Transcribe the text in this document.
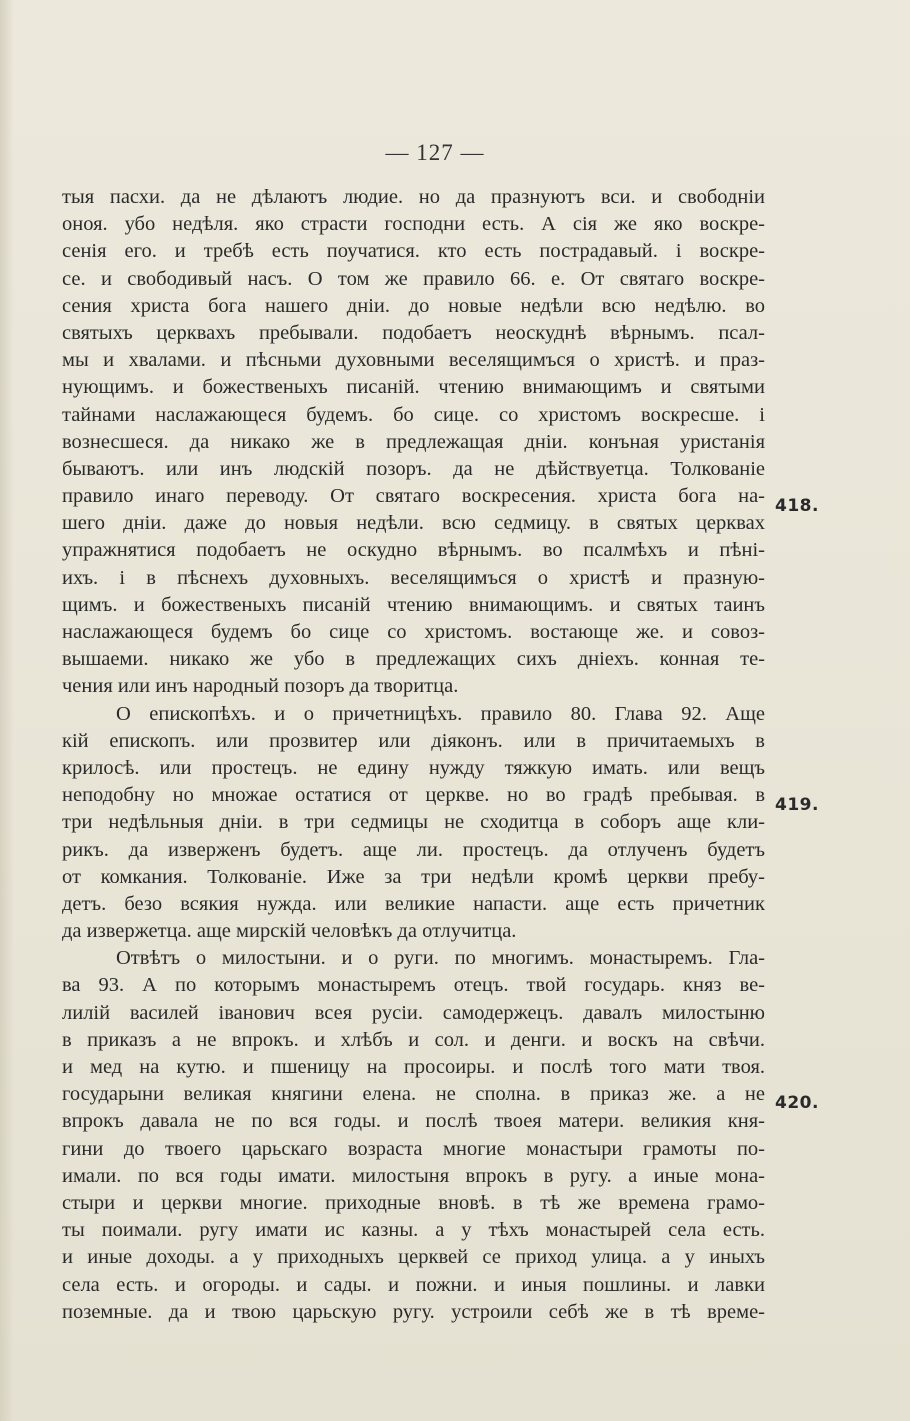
— 127 —
тыя пасхи. да не дѣлаютъ людие. но да празнуютъ вси. и свободніи
оноя. убо недѣля. яко страсти господни есть. А сія же яко воскре-
сенія его. и требѣ есть поучатися. кто есть пострадавый. і воскре-
се. и свободивый насъ. О том же правило 66. е. От святаго воскре-
сения христа бога нашего дніи. до новые недѣли всю недѣлю. во
святыхъ церквахъ пребывали. подобаетъ неоскуднѣ вѣрнымъ. псал-
мы и хвалами. и пѣсньми духовными веселящимъся о христѣ. и праз-
нующимъ. и божественыхъ писаній. чтению внимающимъ и святыми
тайнами наслажающеся будемъ. бо сице. со христомъ воскресше. і
вознесшеся. да никако же в предлежащая дніи. конъная уристанія
бываютъ. или инъ людскій позоръ. да не дѣйствуетца. Толкованіе
правило инаго переводу. От святаго воскресения. христа бога на-
шего дніи. даже до новыя недѣли. всю седмицу. в святых церквах
упражнятися подобаетъ не оскудно вѣрнымъ. во псалмѣхъ и пѣні-
ихъ. і в пѣснехъ духовныхъ. веселящимъся о христѣ и празную-
щимъ. и божественыхъ писаній чтению внимающимъ. и святых таинъ
наслажающеся будемъ бо сице со христомъ. востающе же. и совоз-
вышаеми. никако же убо в предлежащих сихъ днiехъ. конная те-
чения или инъ народный позоръ да творитца.
О епископѣхъ. и о причетницѣхъ. правило 80. Глава 92. Аще
кій епископъ. или прозвитер или діяконъ. или в причитаемыхъ в
крилосѣ. или простецъ. не едину нужду тяжкую имать. или вещъ
неподобну но множае остатися от церкве. но во градѣ пребывая. в
три недѣльныя дніи. в три седмицы не сходитца в соборъ аще кли-
рикъ. да изверженъ будетъ. аще ли. простецъ. да отлученъ будетъ
от комкания. Толкованіе. Иже за три недѣли кромѣ церкви пребу-
детъ. безо всякия нужда. или великие напасти. аще есть причетник
да извержетца. аще мирскій человѣкъ да отлучитца.
Отвѣтъ о милостыни. и о руги. по многимъ. монастыремъ. Гла-
ва 93. А по которымъ монастыремъ отецъ. твой государь. княз ве-
лилій василей іванович всея русіи. самодержецъ. давалъ милостыню
в приказъ а не впрокъ. и хлѣбъ и сол. и денги. и воскъ на свѣчи.
и мед на кутю. и пшеницу на просоиры. и послѣ того мати твоя.
государыни великая княгини елена. не сполна. в приказ же. а не
впрокъ давала не по вся годы. и послѣ твоея матери. великия кня-
гини до твоего царьскаго возраста многие монастыри грамоты по-
имали. по вся годы имати. милостыня впрокъ в ругу. а иные мона-
стыри и церкви многие. приходные вновѣ. в тѣ же времена грамо-
ты поимали. ругу имати ис казны. а у тѣхъ монастырей села есть.
и иные доходы. а у приходныхъ церквей се приход улица. а у иныхъ
села есть. и огороды. и сады. и пожни. и иныя пошлины. и лавки
поземные. да и твою царьскую ругу. устроили себѣ же в тѣ време-
418.
419.
420.
